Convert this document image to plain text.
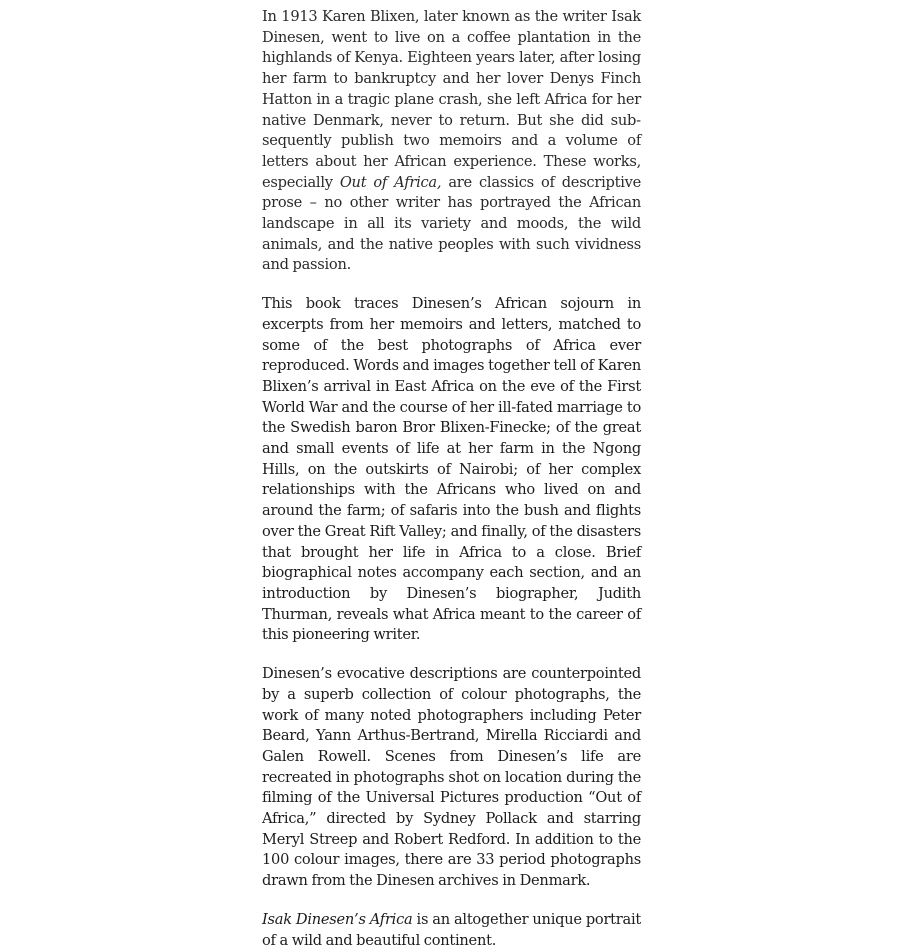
In 1913 Karen Blixen, later known as the writer Isak Dinesen, went to live on a coffee plantation in the highlands of Kenya. Eighteen years later, after losing her farm to bankruptcy and her lover Denys Finch Hatton in a tragic plane crash, she left Africa for her native Denmark, never to return. But she did subsequently publish two memoirs and a volume of letters about her African experience. These works, especially Out of Africa, are classics of descriptive prose – no other writer has portrayed the African landscape in all its variety and moods, the wild animals, and the native peoples with such vividness and passion.

This book traces Dinesen’s African sojourn in excerpts from her memoirs and letters, matched to some of the best photographs of Africa ever reproduced. Words and images together tell of Karen Blixen’s arrival in East Africa on the eve of the First World War and the course of her ill-fated marriage to the Swedish baron Bror Blixen-Finecke; of the great and small events of life at her farm in the Ngong Hills, on the outskirts of Nairobi; of her complex relationships with the Africans who lived on and around the farm; of safaris into the bush and flights over the Great Rift Valley; and finally, of the disasters that brought her life in Africa to a close. Brief biographical notes accompany each section, and an introduction by Dinesen’s biographer, Judith Thurman, reveals what Africa meant to the career of this pioneering writer.

Dinesen’s evocative descriptions are counterpointed by a superb collection of colour photographs, the work of many noted photographers including Peter Beard, Yann Arthus-Bertrand, Mirella Ricciardi and Galen Rowell. Scenes from Dinesen’s life are recreated in photographs shot on location during the filming of the Universal Pictures production “Out of Africa,” directed by Sydney Pollack and starring Meryl Streep and Robert Redford. In addition to the 100 colour images, there are 33 period photographs drawn from the Dinesen archives in Denmark.

Isak Dinesen’s Africa is an altogether unique portrait of a wild and beautiful continent.
